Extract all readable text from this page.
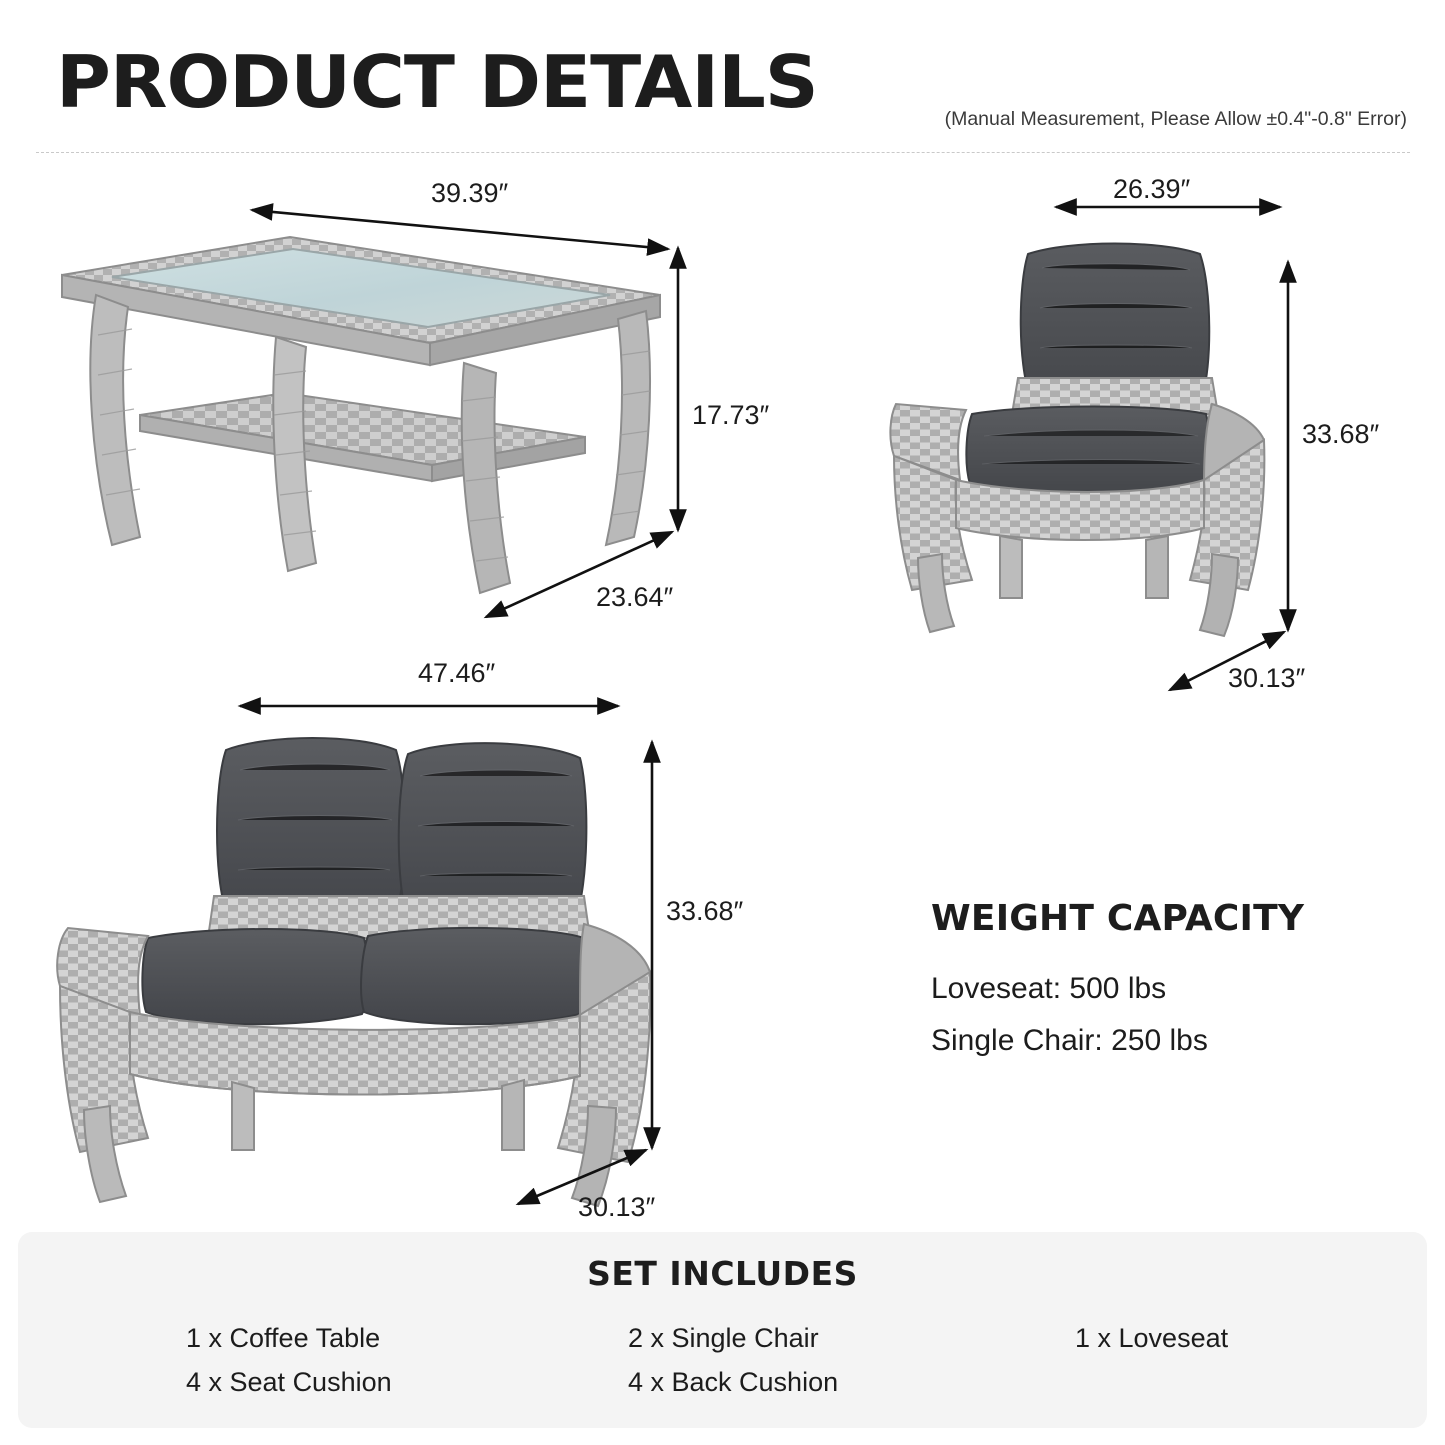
PRODUCT DETAILS	(Manual Measurement, Please Allow ±0.4"-0.8" Error)
39.39″
17.73″
23.64″
26.39″
33.68″
30.13″
47.46″
33.68″
30.13″
WEIGHT CAPACITY
Loveseat: 500 lbs
Single Chair: 250 lbs
SET INCLUDES
1 x Coffee Table
4 x Seat Cushion
2 x Single Chair
4 x Back Cushion
1 x Loveseat
